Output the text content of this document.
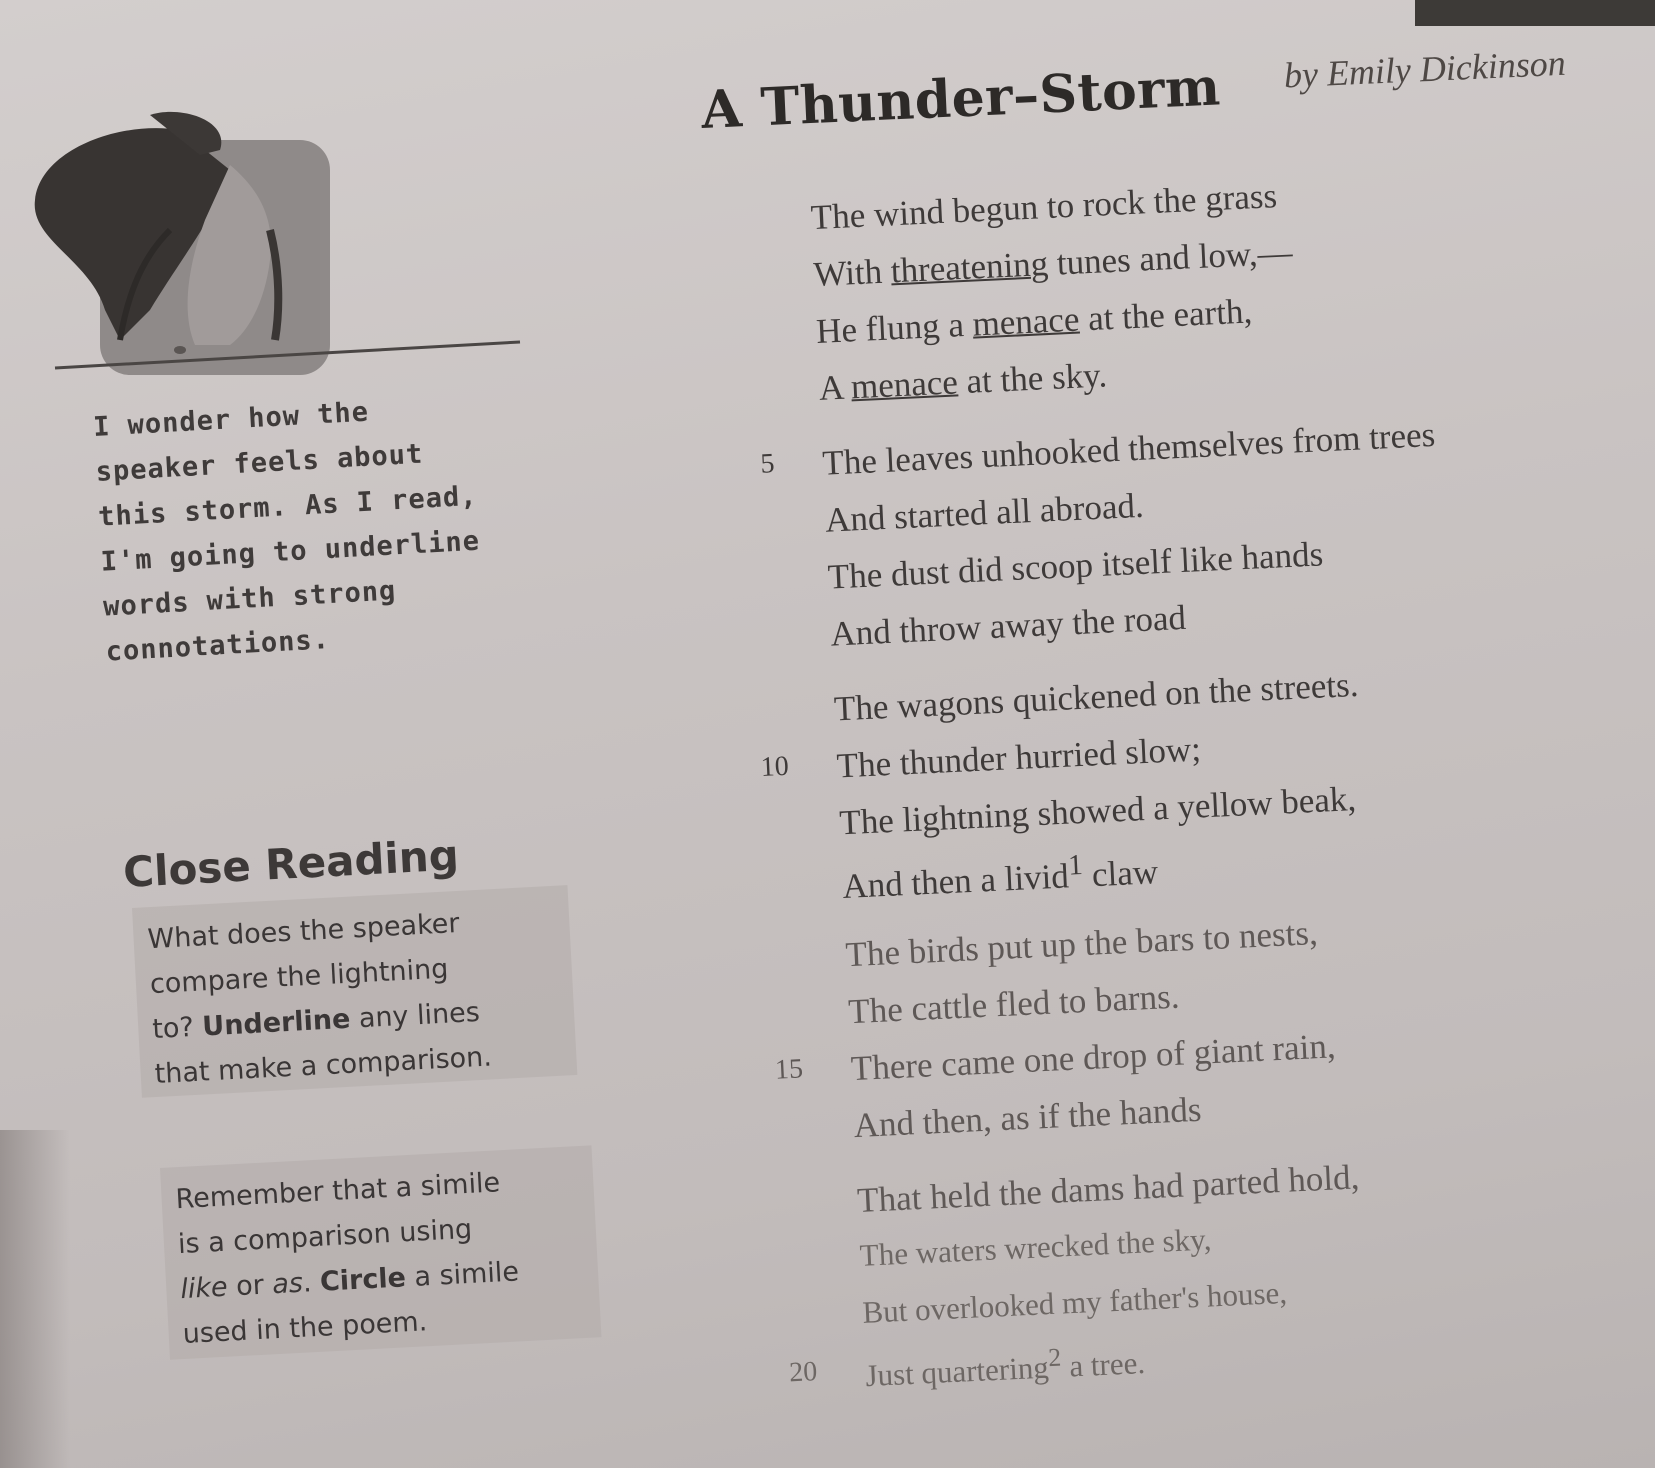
A Thunder–Storm by Emily Dickinson
I wonder how the
speaker feels about
this storm. As I read,
I'm going to underline
words with strong
connotations.
Close Reading
What does the speaker
compare the lightning
to? Underline any lines
that make a comparison.
Remember that a simile
is a comparison using
like or as. Circle a simile
used in the poem.
The wind begun to rock the grass
With threatening tunes and low,—
He flung a menace at the earth,
A menace at the sky.
5 The leaves unhooked themselves from trees
And started all abroad.
The dust did scoop itself like hands
And throw away the road
The wagons quickened on the streets.
10 The thunder hurried slow;
The lightning showed a yellow beak,
And then a livid$^1$ claw
The birds put up the bars to nests,
The cattle fled to barns.
15 There came one drop of giant rain,
And then, as if the hands
That held the dams had parted hold,
The waters wrecked the sky,
But overlooked my father's house,
20 Just quartering$^2$ a tree.
